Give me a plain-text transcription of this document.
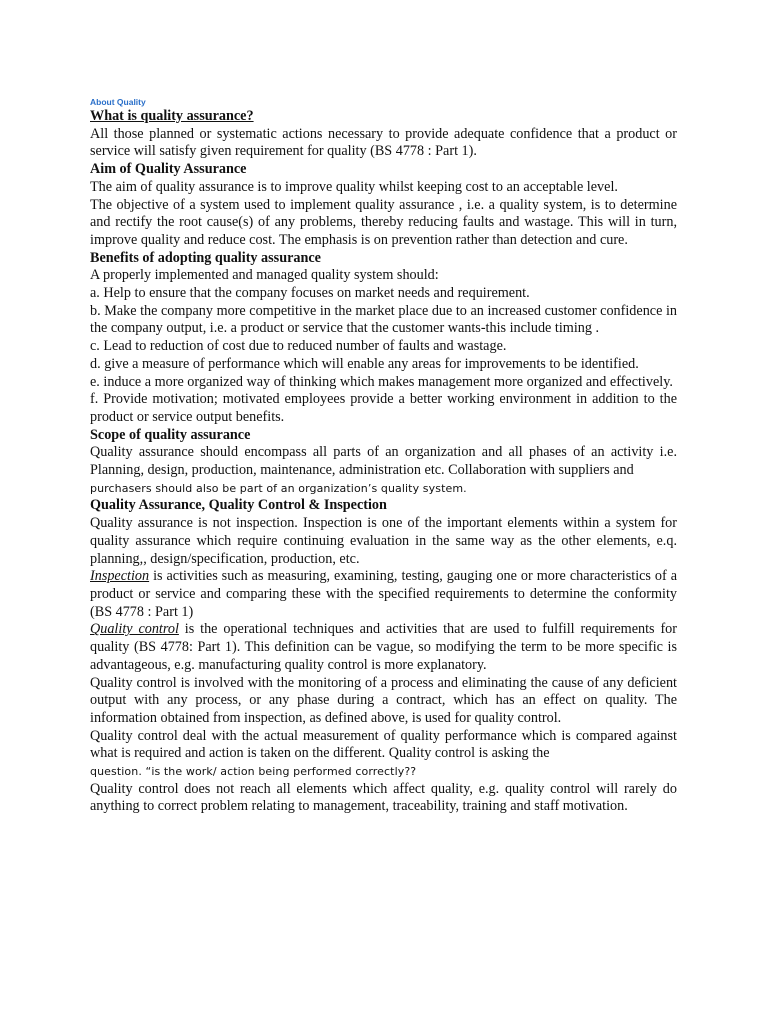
About Quality

What is quality assurance?

All those planned or systematic actions necessary to provide adequate confidence that a product or service will satisfy given requirement for quality (BS 4778 : Part 1).

Aim of Quality Assurance

The aim of quality assurance is to improve quality whilst keeping cost to an acceptable level.

The objective of a system used to implement quality assurance , i.e. a quality system, is to determine and rectify the root cause(s) of any problems, thereby reducing faults and wastage. This will in turn, improve quality and reduce cost. The emphasis is on prevention rather than detection and cure.

Benefits of adopting quality assurance

A properly implemented and managed quality system should:

a. Help to ensure that the company focuses on market needs and requirement.

b. Make the company more competitive in the market place due to an increased customer confidence in the company output, i.e. a product or service that the customer wants-this include timing .

c. Lead to reduction of cost due to reduced number of faults and wastage.

d. give a measure of performance which will enable any areas for improvements to be identified.

e. induce a more organized way of thinking which makes management more organized and effectively.

f. Provide motivation; motivated employees provide a better working environment in addition to the product or service output benefits.

Scope of quality assurance

Quality assurance should encompass all parts of an organization and all phases of an activity i.e. Planning, design, production, maintenance, administration etc. Collaboration with suppliers and

purchasers should also be part of an organization’s quality system.

Quality Assurance, Quality Control & Inspection

Quality assurance is not inspection. Inspection is one of the important elements within a system for quality assurance which require continuing evaluation in the same way as the other elements, e.q. planning,, design/specification, production, etc.

Inspection is activities such as measuring, examining, testing, gauging one or more characteristics of a product or service and comparing these with the specified requirements to determine the conformity (BS 4778 : Part 1)

Quality control is the operational techniques and activities that are used to fulfill requirements for quality (BS 4778: Part 1). This definition can be vague, so modifying the term to be more specific is advantageous, e.g. manufacturing quality control is more explanatory.

Quality control is involved with the monitoring of a process and eliminating the cause of any deficient output with any process, or any phase during a contract, which has an effect on quality. The information obtained from inspection, as defined above, is used for quality control.

Quality control deal with the actual measurement of quality performance which is compared against what is required and action is taken on the different. Quality control is asking the

question. “is the work/ action being performed correctly??

Quality control does not reach all elements which affect quality, e.g. quality control will rarely do anything to correct problem relating to management, traceability, training and staff motivation.
